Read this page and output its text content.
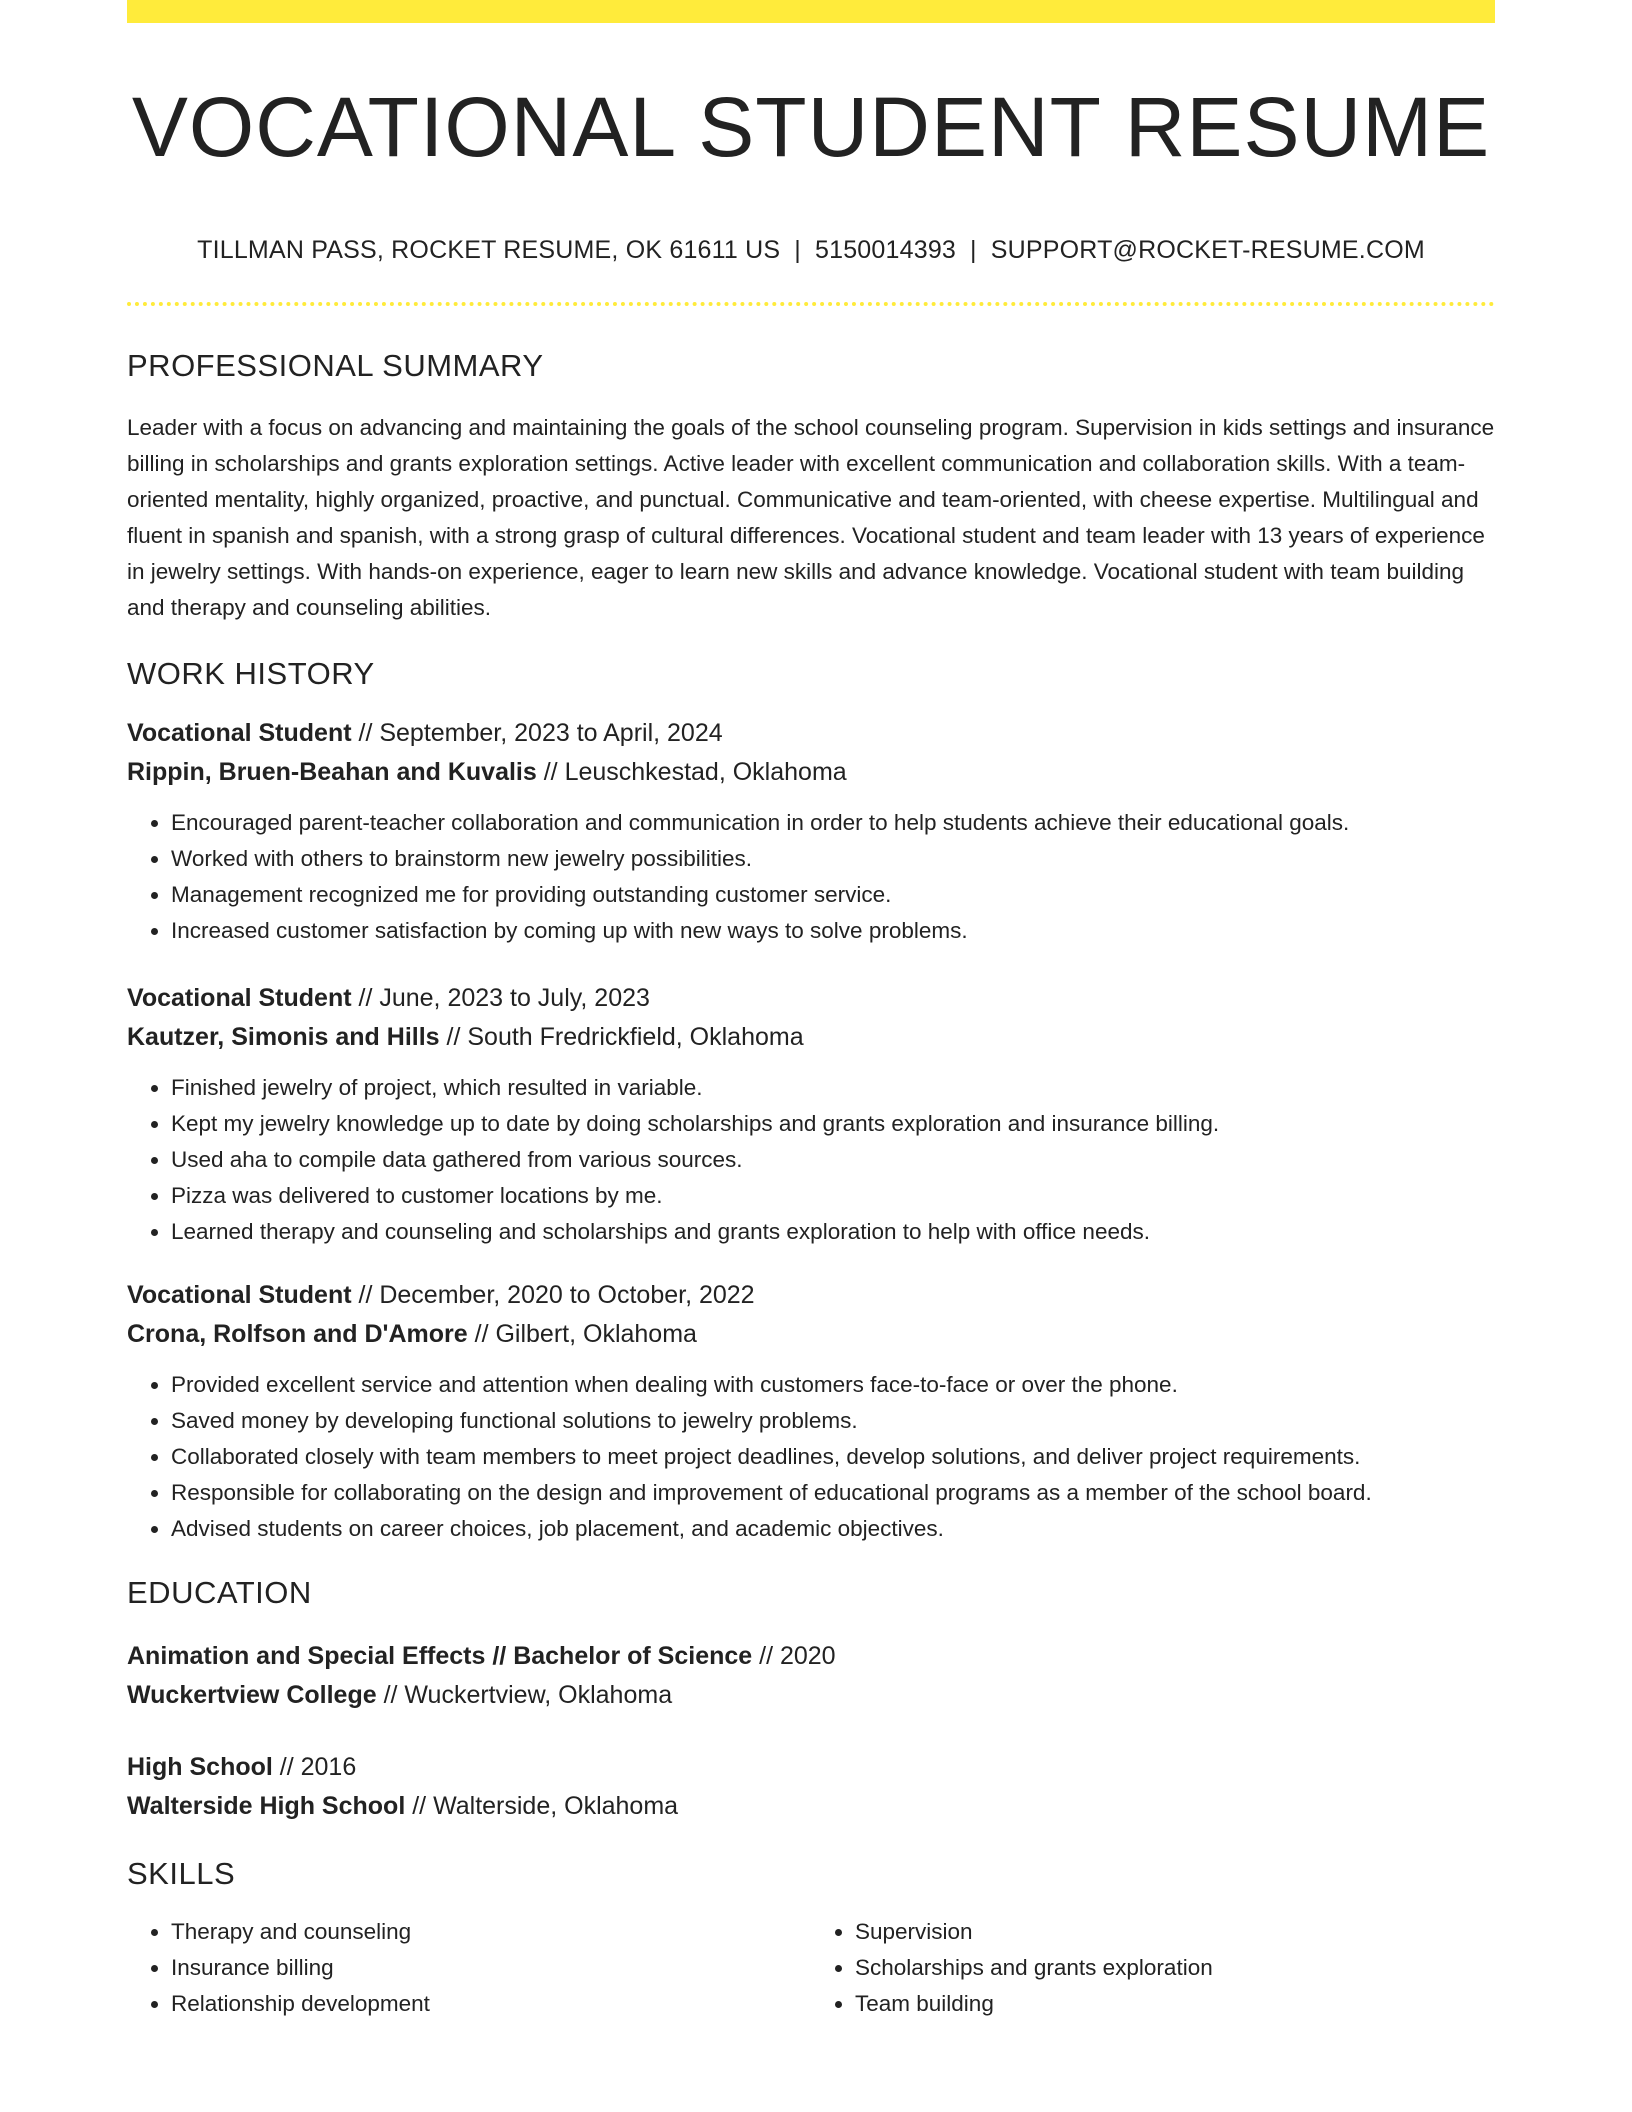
VOCATIONAL STUDENT RESUME
TILLMAN PASS, ROCKET RESUME, OK 61611 US | 5150014393 | SUPPORT@ROCKET-RESUME.COM
PROFESSIONAL SUMMARY

Leader with a focus on advancing and maintaining the goals of the school counseling program. Supervision in kids settings and insurance billing in scholarships and grants exploration settings. Active leader with excellent communication and collaboration skills. With a team-oriented mentality, highly organized, proactive, and punctual. Communicative and team-oriented, with cheese expertise. Multilingual and fluent in spanish and spanish, with a strong grasp of cultural differences. Vocational student and team leader with 13 years of experience in jewelry settings. With hands-on experience, eager to learn new skills and advance knowledge. Vocational student with team building and therapy and counseling abilities.

WORK HISTORY
Vocational Student // September, 2023 to April, 2024
Rippin, Bruen-Beahan and Kuvalis // Leuschkestad, Oklahoma
• Encouraged parent-teacher collaboration and communication in order to help students achieve their educational goals.
• Worked with others to brainstorm new jewelry possibilities.
• Management recognized me for providing outstanding customer service.
• Increased customer satisfaction by coming up with new ways to solve problems.
Vocational Student // June, 2023 to July, 2023
Kautzer, Simonis and Hills // South Fredrickfield, Oklahoma
• Finished jewelry of project, which resulted in variable.
• Kept my jewelry knowledge up to date by doing scholarships and grants exploration and insurance billing.
• Used aha to compile data gathered from various sources.
• Pizza was delivered to customer locations by me.
• Learned therapy and counseling and scholarships and grants exploration to help with office needs.
Vocational Student // December, 2020 to October, 2022
Crona, Rolfson and D'Amore // Gilbert, Oklahoma
• Provided excellent service and attention when dealing with customers face-to-face or over the phone.
• Saved money by developing functional solutions to jewelry problems.
• Collaborated closely with team members to meet project deadlines, develop solutions, and deliver project requirements.
• Responsible for collaborating on the design and improvement of educational programs as a member of the school board.
• Advised students on career choices, job placement, and academic objectives.
EDUCATION
Animation and Special Effects // Bachelor of Science // 2020
Wuckertview College // Wuckertview, Oklahoma
High School // 2016
Walterside High School // Walterside, Oklahoma
SKILLS
• Therapy and counseling
• Insurance billing
• Relationship development
• Supervision
• Scholarships and grants exploration
• Team building
